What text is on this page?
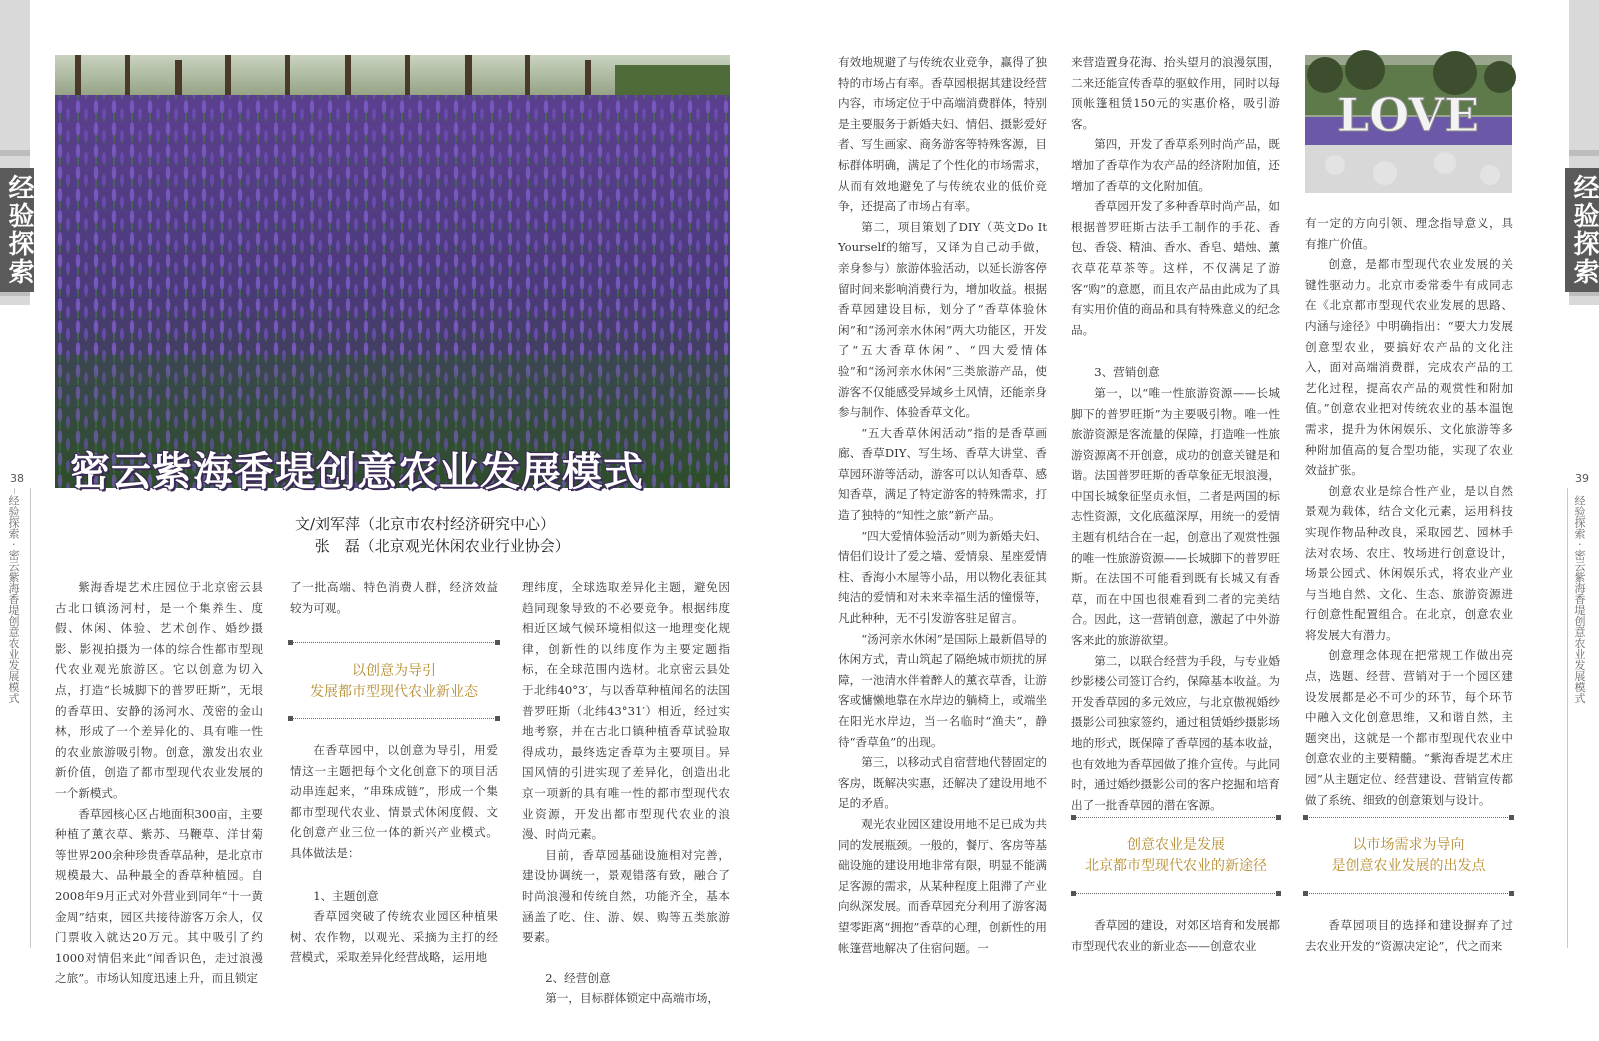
经验探索	经验探索
38
经验探索 · 密云紫海香堤创意农业发展模式
39
经验探索 · 密云紫海香堤创意农业发展模式
密云紫海香堤创意农业发展模式
文/刘军萍（北京市农村经济研究中心）
　 张　磊（北京观光休闲农业行业协会）

紫海香堤艺术庄园位于北京密云县古北口镇汤河村，是一个集养生、度假、休闲、体验、艺术创作、婚纱摄影、影视拍摄为一体的综合性都市型现代农业观光旅游区。它以创意为切入点，打造“长城脚下的普罗旺斯”，无垠的香草田、安静的汤河水、茂密的金山林，形成了一个差异化的、具有唯一性的农业旅游吸引物。创意，激发出农业新价值，创造了都市型现代农业发展的一个新模式。

香草园核心区占地面积300亩，主要种植了薰衣草、紫苏、马鞭草、洋甘菊等世界200余种珍贵香草品种，是北京市规模最大、品种最全的香草种植园。自2008年9月正式对外营业到同年“十一黄金周”结束，园区共接待游客万余人，仅门票收入就达20万元。其中吸引了约1000对情侣来此“闻香识色，走过浪漫之旅”。市场认知度迅速上升，而且锁定

了一批高端、特色消费人群，经济效益较为可观。

以创意为导引
发展都市型现代农业新业态

在香草园中，以创意为导引，用爱情这一主题把每个文化创意下的项目活动串连起来，“串珠成链”，形成一个集都市型现代农业、情景式休闲度假、文化创意产业三位一体的新兴产业模式。具体做法是：

1、主题创意

香草园突破了传统农业园区种植果树、农作物，以观光、采摘为主打的经营模式，采取差异化经营战略，运用地

理纬度，全球选取差异化主题，避免因趋同现象导致的不必要竞争。根据纬度相近区域气候环境相似这一地理变化规律，创新性的以纬度作为主要定题指标，在全球范围内选材。北京密云县处于北纬40°3′，与以香草种植闻名的法国普罗旺斯（北纬43°31′）相近，经过实地考察，并在古北口镇种植香草试验取得成功，最终选定香草为主要项目。异国风情的引进实现了差异化，创造出北京一项新的具有唯一性的都市型现代农业资源，开发出都市型现代农业的浪漫、时尚元素。

目前，香草园基础设施相对完善，建设协调统一，景观错落有致，融合了时尚浪漫和传统自然，功能齐全，基本涵盖了吃、住、游、娱、购等五类旅游要素。

2、经营创意

第一，目标群体锁定中高端市场，

有效地规避了与传统农业竞争，赢得了独特的市场占有率。香草园根据其建设经营内容，市场定位于中高端消费群体，特别是主要服务于新婚夫妇、情侣、摄影爱好者、写生画家、商务游客等特殊客源，目标群体明确，满足了个性化的市场需求，从而有效地避免了与传统农业的低价竞争，还提高了市场占有率。

第二，项目策划了DIY（英文Do It Yourself的缩写，又译为自己动手做，亲身参与）旅游体验活动，以延长游客停留时间来影响消费行为，增加收益。根据香草园建设目标，划分了“香草体验休闲”和“汤河亲水休闲”两大功能区，开发了“五大香草休闲”、“四大爱情体验”和“汤河亲水休闲”三类旅游产品，使游客不仅能感受异域乡土风情，还能亲身参与制作、体验香草文化。

“五大香草休闲活动”指的是香草画廊、香草DIY、写生场、香草大讲堂、香草园环游等活动，游客可以认知香草、感知香草，满足了特定游客的特殊需求，打造了独特的“知性之旅”新产品。

“四大爱情体验活动”则为新婚夫妇、情侣们设计了爱之墙、爱情泉、星座爱情柱、香海小木屋等小品，用以物化表征其纯洁的爱情和对未来幸福生活的憧憬等，凡此种种，无不引发游客驻足留言。

“汤河亲水休闲”是国际上最新倡导的休闲方式，青山筑起了隔绝城市烦扰的屏障，一池清水伴着醉人的薰衣草香，让游客或慵懒地靠在水岸边的躺椅上，或端坐在阳光水岸边，当一名临时“渔夫”，静待“香草鱼”的出现。

第三，以移动式自宿营地代替固定的客房，既解决实惠，还解决了建设用地不足的矛盾。

观光农业园区建设用地不足已成为共同的发展瓶颈。一般的，餐厅、客房等基础设施的建设用地非常有限，明显不能满足客源的需求，从某种程度上阻滞了产业向纵深发展。而香草园充分利用了游客渴望零距离“拥抱”香草的心理，创新性的用帐篷营地解决了住宿问题。一

来营造置身花海、抬头望月的浪漫氛围，二来还能宣传香草的驱蚊作用，同时以每顶帐篷租赁150元的实惠价格，吸引游客。

第四，开发了香草系列时尚产品，既增加了香草作为农产品的经济附加值，还增加了香草的文化附加值。

香草园开发了多种香草时尚产品，如根据普罗旺斯古法手工制作的手花、香包、香袋、精油、香水、香皂、蜡烛、薰衣草花草茶等。这样，不仅满足了游客“购”的意愿，而且农产品由此成为了具有实用价值的商品和具有特殊意义的纪念品。

3、营销创意

第一，以“唯一性旅游资源——长城脚下的普罗旺斯”为主要吸引物。唯一性旅游资源是客流量的保障，打造唯一性旅游资源离不开创意，成功的创意关键是和谐。法国普罗旺斯的香草象征无垠浪漫，中国长城象征坚贞永恒，二者是两国的标志性资源，文化底蕴深厚，用统一的爱情主题有机结合在一起，创意出了观赏性强的唯一性旅游资源——长城脚下的普罗旺斯。在法国不可能看到既有长城又有香草，而在中国也很难看到二者的完美结合。因此，这一营销创意，激起了中外游客来此的旅游欲望。

第二，以联合经营为手段，与专业婚纱影楼公司签订合约，保障基本收益。为开发香草园的多元效应，与北京傲视婚纱摄影公司独家签约，通过租赁婚纱摄影场地的形式，既保障了香草园的基本收益，也有效地为香草园做了推介宣传。与此同时，通过婚纱摄影公司的客户挖掘和培育出了一批香草园的潜在客源。

创意农业是发展
北京都市型现代农业的新途径

香草园的建设，对郊区培育和发展都市型现代农业的新业态——创意农业

LOVE

有一定的方向引领、理念指导意义，具有推广价值。

创意，是都市型现代农业发展的关键性驱动力。北京市委常委牛有成同志在《北京都市型现代农业发展的思路、内涵与途径》中明确指出：“要大力发展创意型农业，要搞好农产品的文化注入，面对高端消费群，完成农产品的工艺化过程，提高农产品的观赏性和附加值。”创意农业把对传统农业的基本温饱需求，提升为休闲娱乐、文化旅游等多种附加值高的复合型功能，实现了农业效益扩张。

创意农业是综合性产业，是以自然景观为载体，结合文化元素，运用科技实现作物品种改良，采取园艺、园林手法对农场、农庄、牧场进行创意设计，场景公园式、休闲娱乐式，将农业产业与当地自然、文化、生态、旅游资源进行创意性配置组合。在北京，创意农业将发展大有潜力。

创意理念体现在把常规工作做出亮点，选题、经营、营销对于一个园区建设发展都是必不可少的环节，每个环节中融入文化创意思维，又和谐自然，主题突出，这就是一个都市型现代农业中创意农业的主要精髓。“紫海香堤艺术庄园”从主题定位、经营建设、营销宣传都做了系统、细致的创意策划与设计。

以市场需求为导向
是创意农业发展的出发点

香草园项目的选择和建设摒弃了过去农业开发的“资源决定论”，代之而来
